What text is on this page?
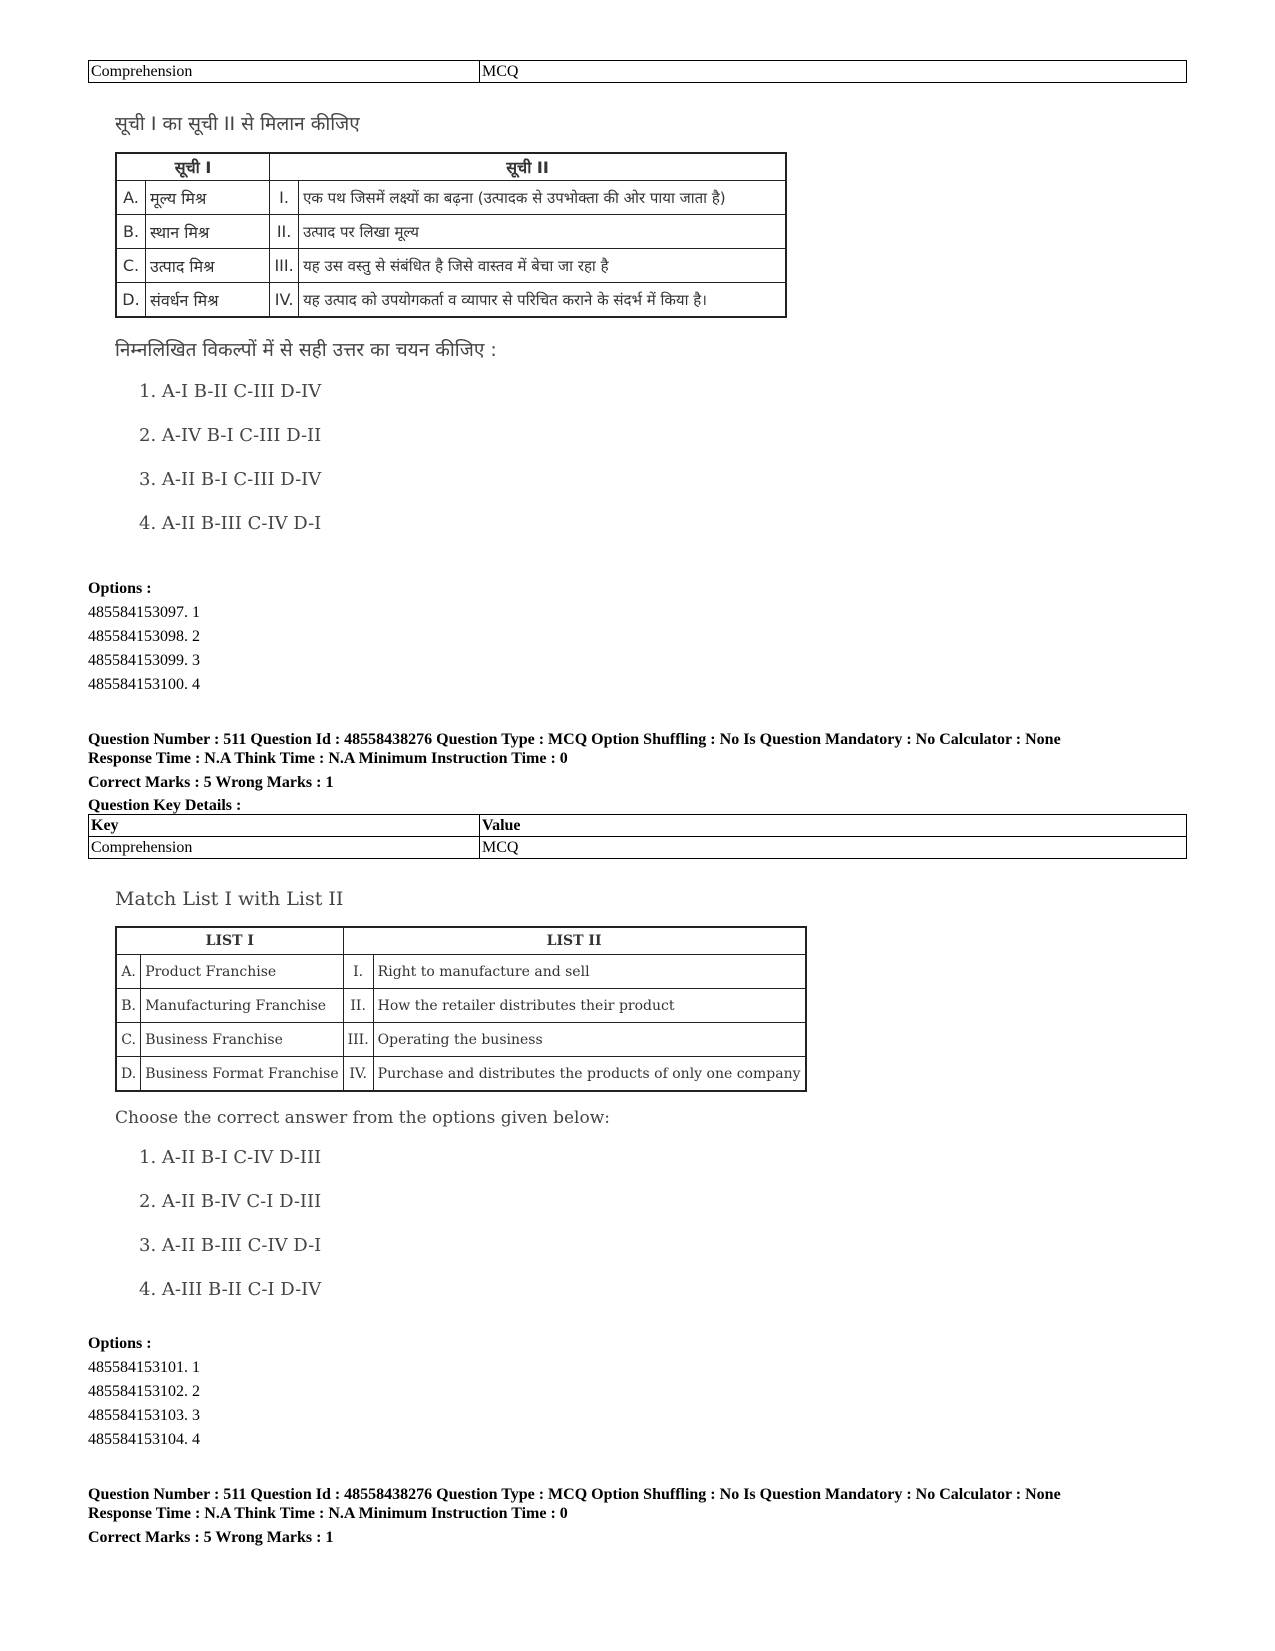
Comprehension	MCQ
सूची I का सूची II से मिलान कीजिए
सूची I		सूची II	
A.	मूल्य मिश्र	I.	एक पथ जिसमें लक्ष्यों का बढ़ना (उत्पादक से उपभोक्ता की ओर पाया जाता है)
B.	स्थान मिश्र	II.	उत्पाद पर लिखा मूल्य
C.	उत्पाद मिश्र	III.	यह उस वस्तु से संबंधित है जिसे वास्तव में बेचा जा रहा है
D.	संवर्धन मिश्र	IV.	यह उत्पाद को उपयोगकर्ता व व्यापार से परिचित कराने के संदर्भ में किया है।
निम्नलिखित विकल्पों में से सही उत्तर का चयन कीजिए :
1. A-I B-II C-III D-IV
2. A-IV B-I C-III D-II
3. A-II B-I C-III D-IV
4. A-II B-III C-IV D-I
Options :
485584153097. 1
485584153098. 2
485584153099. 3
485584153100. 4
Question Number : 511 Question Id : 48558438276 Question Type : MCQ Option Shuffling : No Is Question Mandatory : No Calculator : None
Response Time : N.A Think Time : N.A Minimum Instruction Time : 0
Correct Marks : 5 Wrong Marks : 1
Question Key Details :
Key	Value
Comprehension	MCQ
Match List I with List II
LIST I		LIST II	
A.	Product Franchise	I.	Right to manufacture and sell
B.	Manufacturing Franchise	II.	How the retailer distributes their product
C.	Business Franchise	III.	Operating the business
D.	Business Format Franchise	IV.	Purchase and distributes the products of only one company
Choose the correct answer from the options given below:
1. A-II B-I C-IV D-III
2. A-II B-IV C-I D-III
3. A-II B-III C-IV D-I
4. A-III B-II C-I D-IV
Options :
485584153101. 1
485584153102. 2
485584153103. 3
485584153104. 4
Question Number : 511 Question Id : 48558438276 Question Type : MCQ Option Shuffling : No Is Question Mandatory : No Calculator : None
Response Time : N.A Think Time : N.A Minimum Instruction Time : 0
Correct Marks : 5 Wrong Marks : 1
